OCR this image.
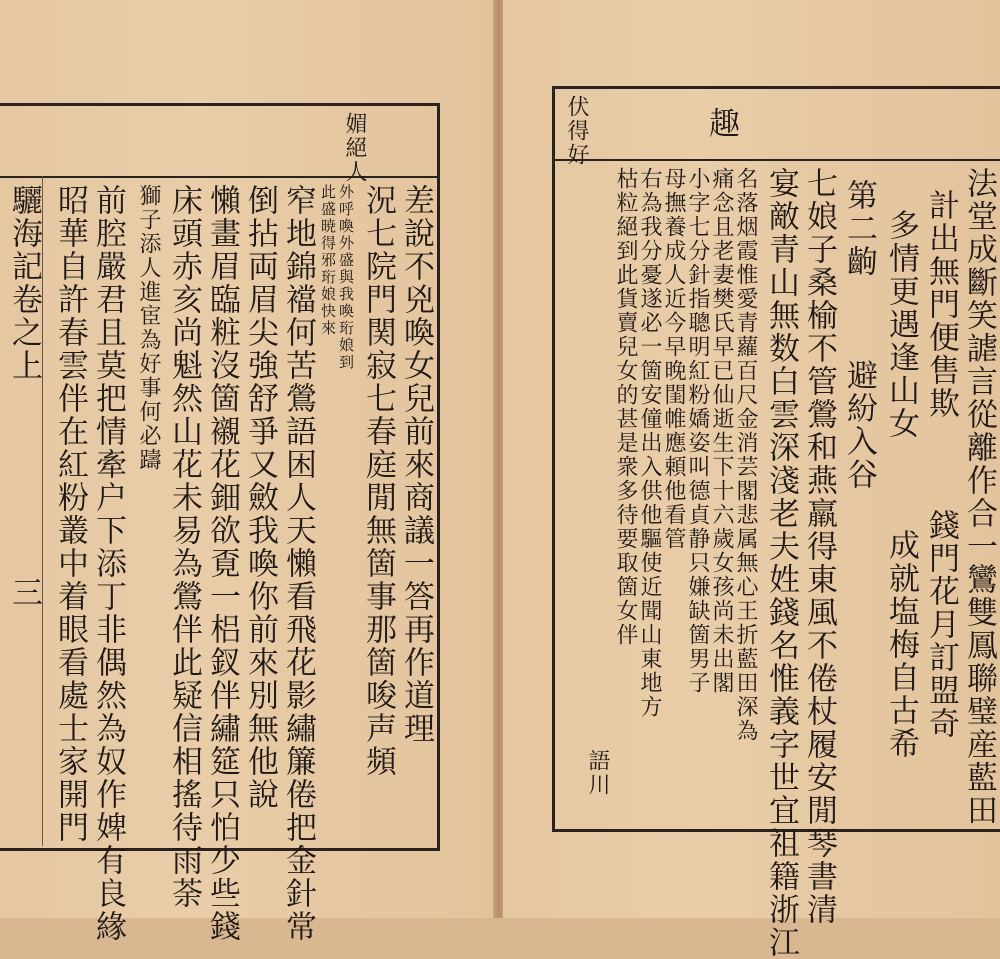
媚絕人
驪海記卷之上
三	差說不兇喚女兒前來商議一答再作道理
況七院門関寂七春庭閒無箇事那箇唆声頻
外呼喚外盛與我喚珩娘到
此盛暁得邪珩娘快來
窄地錦襠何苦鶯語困人天懶看飛花影繡簾倦把金針常
倒拈両眉尖強舒爭又斂我喚你前來別無他說
懶畫眉臨粧沒箇襯花鈿欲覔一梠釵伴繡筵只怕少些錢
床頭赤亥尚魁然山花未易為鶯伴此疑信相搖待雨荼
獅子添人進宦為好事何必躊
前腔嚴君且莫把情牽户下添丁非偶然為奴作婢有良緣
昭華自許春雲伴在紅粉叢中着眼看處士家開門
伏得好	趣
法堂成斷笑謔言從離作合一鸞雙鳳聯璧産藍田
計出無門便售欺
錢門花月訂盟奇
多情更遇逢山女
成就塩梅自古希
第二齣
避紛入谷
七娘子桑榆不管鶯和燕羸得東風不倦杖履安閒琴書清
宴敵青山無数白雲深淺老夫姓錢名惟義字世宜祖籍浙江
名落烟霞惟愛青蘿百尺金消芸閣悲属無心王折藍田深為
痛念且老妻樊氏早已仙逝生下十六歲女孩尚未出閣
小字七分針指聰明紅粉嬌姿叫德貞静只嫌缺箇男子
母撫養成人近今早晚閨帷應頼他看管
右為我分憂遂必一箇安僮出入供他驅使近聞山東地方
枯粒絕到此貨賣兒女的甚是衆多待要取箇女伴
語川
